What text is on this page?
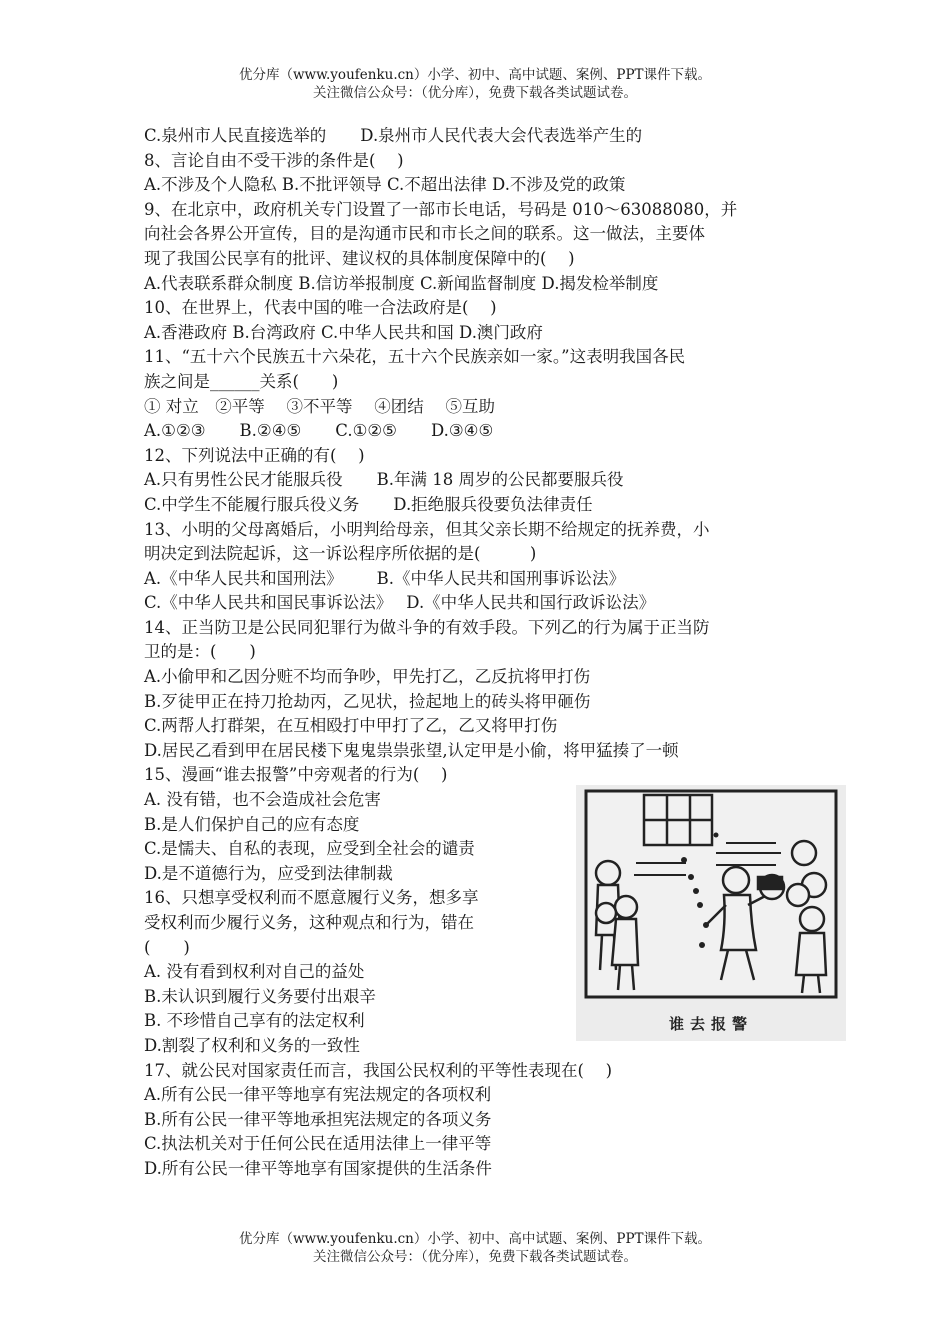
优分库（www.youfenku.cn）小学、初中、高中试题、案例、PPT课件下载。
关注微信公众号：（优分库），免费下载各类试题试卷。
C.泉州市人民直接选举的 D.泉州市人民代表大会代表选举产生的
8、言论自由不受干涉的条件是(　 )
A.不涉及个人隐私 B.不批评领导 C.不超出法律 D.不涉及党的政策
9、在北京中，政府机关专门设置了一部市长电话，号码是 010～63088080，并
向社会各界公开宣传，目的是沟通市民和市长之间的联系。这一做法，主要体
现了我国公民享有的批评、建议权的具体制度保障中的(　 )
A.代表联系群众制度 B.信访举报制度 C.新闻监督制度 D.揭发检举制度
10、在世界上，代表中国的唯一合法政府是(　 )
A.香港政府 B.台湾政府 C.中华人民共和国 D.澳门政府
11、“五十六个民族五十六朵花，五十六个民族亲如一家。”这表明我国各民
族之间是______关系(　　)
① 对立　②平等　 ③不平等　 ④团结　 ⑤互助
A.①②③ B.②④⑤ C.①②⑤ D.③④⑤
12、下列说法中正确的有(　 )
A.只有男性公民才能服兵役 B.年满 18 周岁的公民都要服兵役
C.中学生不能履行服兵役义务 D.拒绝服兵役要负法律责任
13、小明的父母离婚后，小明判给母亲，但其父亲长期不给规定的抚养费，小
明决定到法院起诉，这一诉讼程序所依据的是(　　　)
A.《中华人民共和国刑法》 B.《中华人民共和国刑事诉讼法》
C.《中华人民共和国民事诉讼法》 D.《中华人民共和国行政诉讼法》
14、正当防卫是公民同犯罪行为做斗争的有效手段。下列乙的行为属于正当防
卫的是：(　　)
A.小偷甲和乙因分赃不均而争吵，甲先打乙，乙反抗将甲打伤
B.歹徒甲正在持刀抢劫丙，乙见状，捡起地上的砖头将甲砸伤
C.两帮人打群架，在互相殴打中甲打了乙，乙又将甲打伤
D.居民乙看到甲在居民楼下鬼鬼祟祟张望,认定甲是小偷，将甲猛揍了一顿
15、漫画“谁去报警”中旁观者的行为(　 )
A. 没有错，也不会造成社会危害
B.是人们保护自己的应有态度
C.是懦夫、自私的表现，应受到全社会的谴责
D.是不道德行为，应受到法律制裁
16、只想享受权利而不愿意履行义务，想多享
受权利而少履行义务，这种观点和行为，错在
(　　)
A. 没有看到权利对自己的益处
B.未认识到履行义务要付出艰辛
B. 不珍惜自己享有的法定权利
D.割裂了权利和义务的一致性
17、就公民对国家责任而言，我国公民权利的平等性表现在(　 )
A.所有公民一律平等地享有宪法规定的各项权利
B.所有公民一律平等地承担宪法规定的各项义务
C.执法机关对于任何公民在适用法律上一律平等
D.所有公民一律平等地享有国家提供的生活条件
谁去报警
优分库（www.youfenku.cn）小学、初中、高中试题、案例、PPT课件下载。
关注微信公众号：（优分库），免费下载各类试题试卷。
